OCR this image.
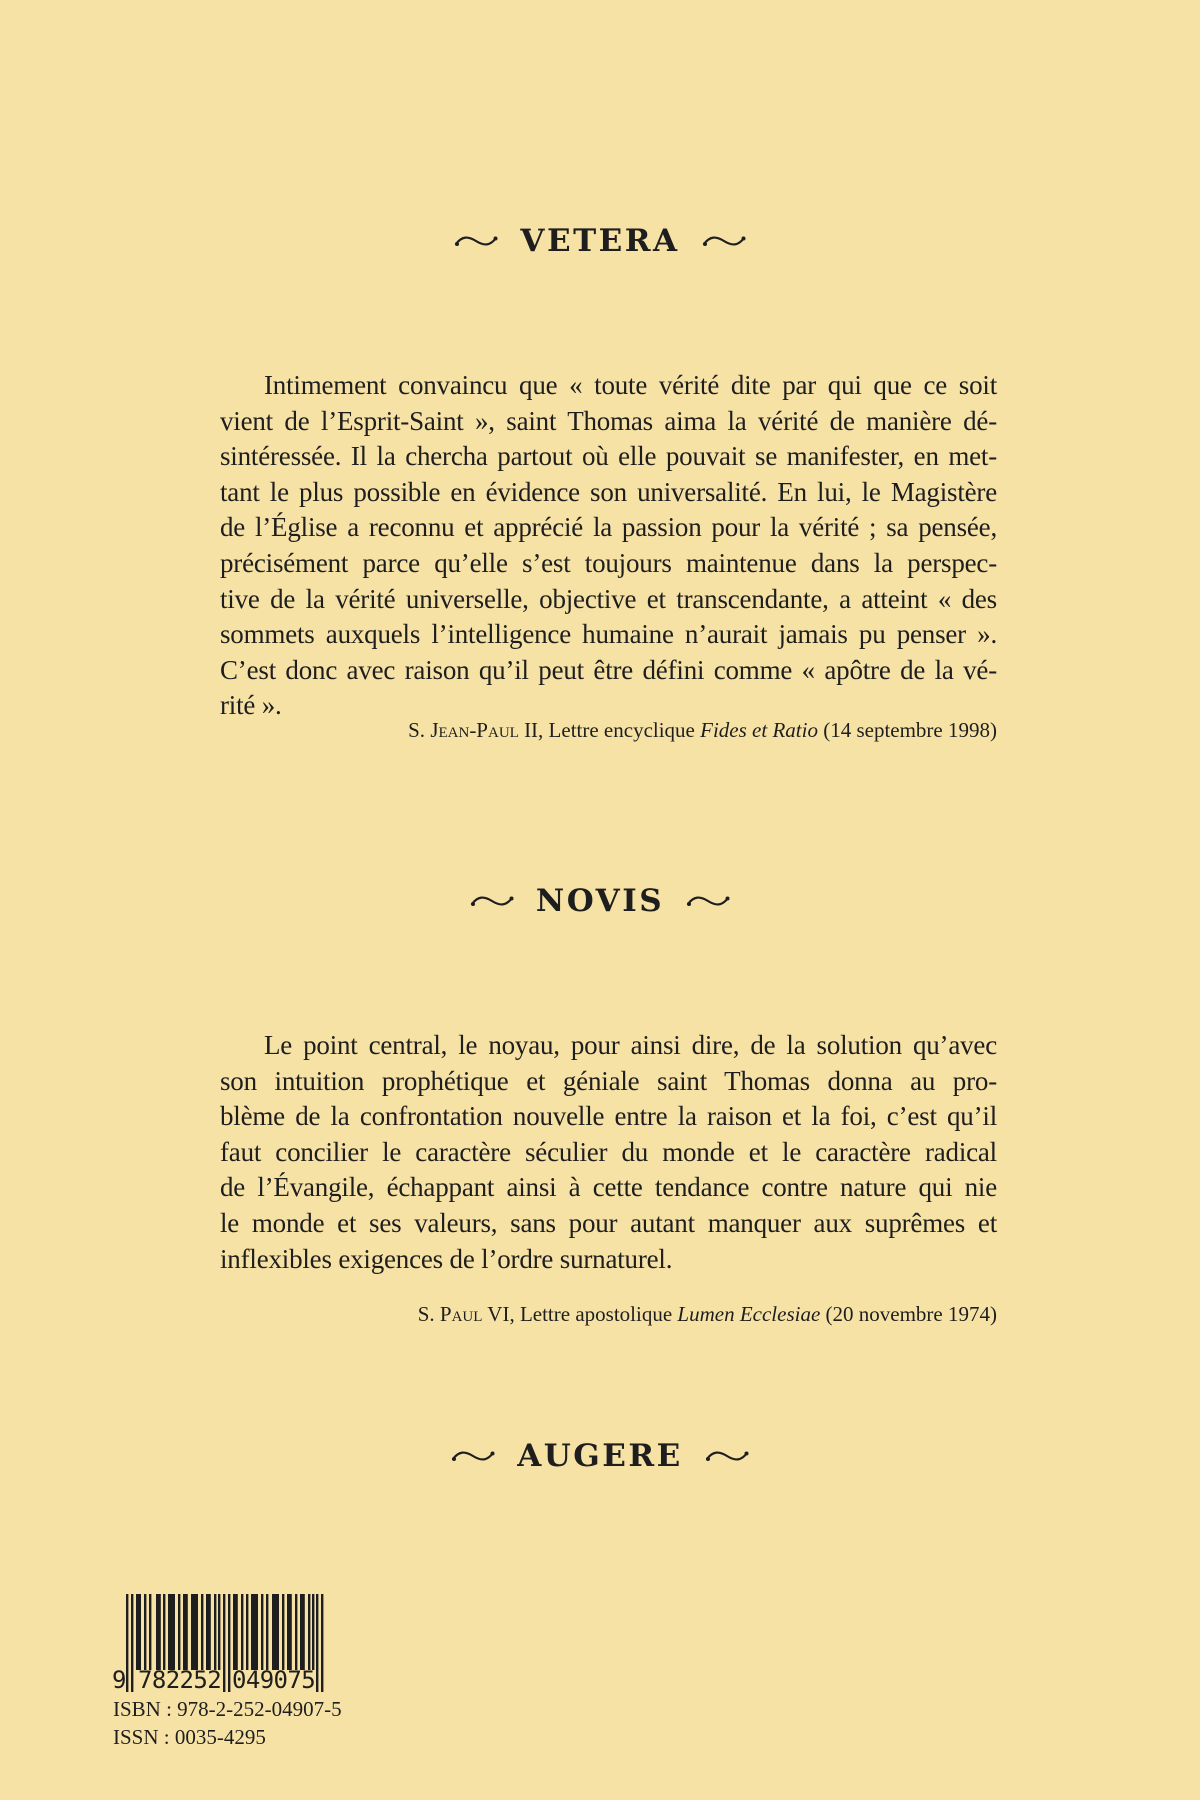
VETERA
Intimement convaincu que « toute vérité dite par qui que ce soit
vient de l’Esprit-Saint », saint Thomas aima la vérité de manière dé-
sintéressée. Il la chercha partout où elle pouvait se manifester, en met-
tant le plus possible en évidence son universalité. En lui, le Magistère
de l’Église a reconnu et apprécié la passion pour la vérité ; sa pensée,
précisément parce qu’elle s’est toujours maintenue dans la perspec-
tive de la vérité universelle, objective et transcendante, a atteint « des
sommets auxquels l’intelligence humaine n’aurait jamais pu penser ».
C’est donc avec raison qu’il peut être défini comme « apôtre de la vé-
rité ».
S. Jean-Paul II, Lettre encyclique Fides et Ratio (14 septembre 1998)
NOVIS
Le point central, le noyau, pour ainsi dire, de la solution qu’avec
son intuition prophétique et géniale saint Thomas donna au pro-
blème de la confrontation nouvelle entre la raison et la foi, c’est qu’il
faut concilier le caractère séculier du monde et le caractère radical
de l’Évangile, échappant ainsi à cette tendance contre nature qui nie
le monde et ses valeurs, sans pour autant manquer aux suprêmes et
inflexibles exigences de l’ordre surnaturel.
S. Paul VI, Lettre apostolique Lumen Ecclesiae (20 novembre 1974)
AUGERE
9 782252 049075
ISBN : 978-2-252-04907-5
ISSN : 0035-4295
